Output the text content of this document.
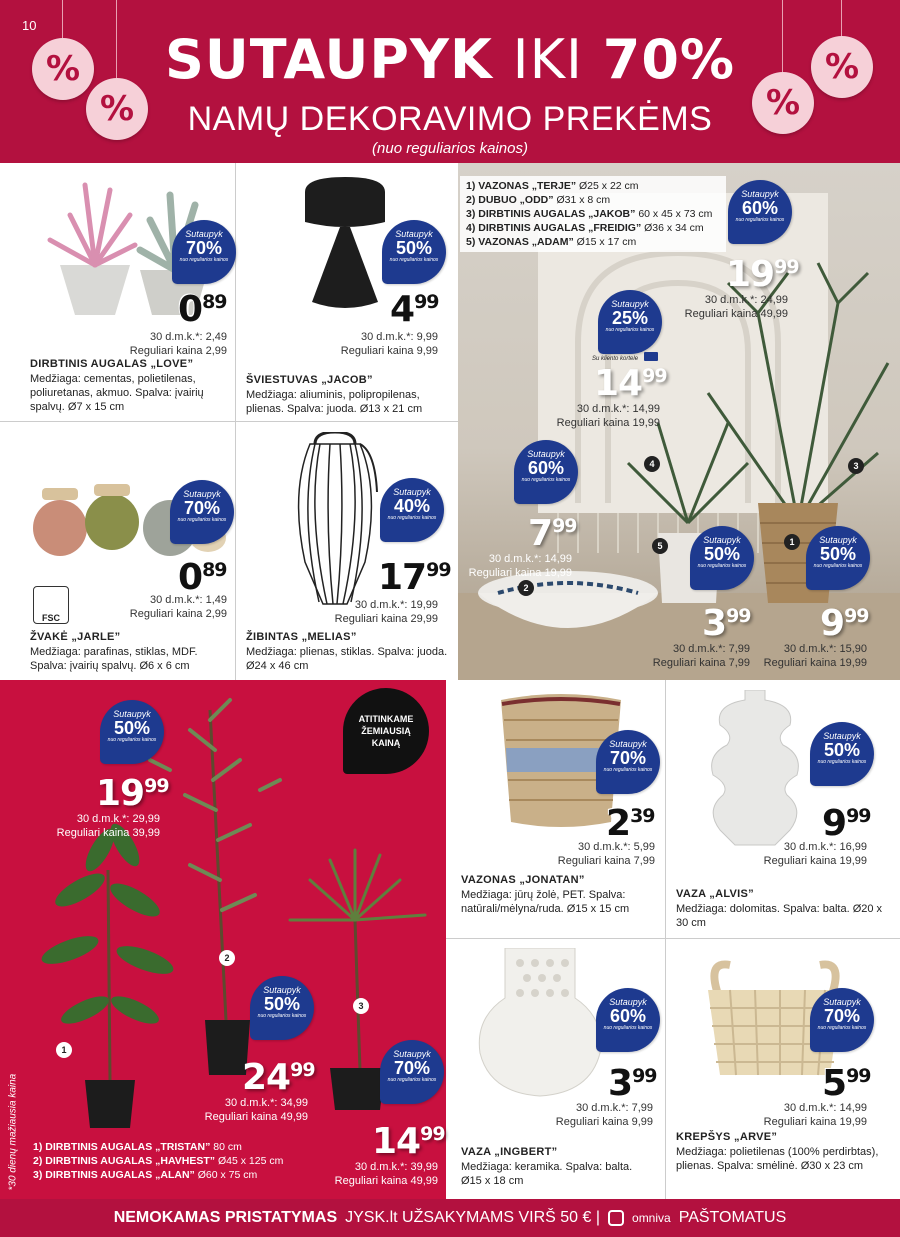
10
%
%	%
%
SUTAUPYK IKI 70%
NAMŲ DEKORAVIMO PREKĖMS
(nuo reguliarios kainos)
Sutaupyk
70%
nuo reguliarios kainos
$0^{89}$
30 d.m.k.*: 2,49
Reguliari kaina 2,99
DIRBTINIS AUGALAS „LOVE”
Medžiaga: cementas, polietilenas, poliuretanas, akmuo. Spalva: įvairių spalvų. Ø7 x 15 cm
Sutaupyk
50%
nuo reguliarios kainos
$4^{99}$
30 d.m.k.*: 9,99
Reguliari kaina 9,99
ŠVIESTUVAS „JACOB”
Medžiaga: aliuminis, polipropilenas, plienas. Spalva: juoda. Ø13 x 21 cm
Sutaupyk
70%
nuo reguliarios kainos
$0^{89}$
FSC
30 d.m.k.*: 1,49
Reguliari kaina 2,99
ŽVAKĖ „JARLE”
Medžiaga: parafinas, stiklas, MDF. Spalva: įvairių spalvų. Ø6 x 6 cm
Sutaupyk
40%
nuo reguliarios kainos
$17^{99}$
30 d.m.k.*: 19,99
Reguliari kaina 29,99
ŽIBINTAS „MELIAS”
Medžiaga: plienas, stiklas. Spalva: juoda. Ø24 x 46 cm
1) VAZONAS „TERJE” Ø25 x 22 cm
2) DUBUO „ODD” Ø31 x 8 cm
3) DIRBTINIS AUGALAS „JAKOB” 60 x 45 x 73 cm
4) DIRBTINIS AUGALAS „FREIDIG” Ø36 x 34 cm
5) VAZONAS „ADAM” Ø15 x 17 cm
Sutaupyk
60%
nuo reguliarios kainos
$19^{99}$
30 d.m.k.*: 24,99
Reguliari kaina 49,99
Sutaupyk
25%
nuo reguliarios kainos
Su kliento kortele
$14^{99}$
30 d.m.k.*: 14,99
Reguliari kaina 19,99
Sutaupyk
60%
nuo reguliarios kainos
$7^{99}$
30 d.m.k.*: 14,99
Reguliari kaina 19,99
Sutaupyk
50%
nuo reguliarios kainos
$3^{99}$
30 d.m.k.*: 7,99
Reguliari kaina 7,99
Sutaupyk
50%
nuo reguliarios kainos
$9^{99}$
30 d.m.k.*: 15,90
Reguliari kaina 19,99
4	3
5	1
2
Sutaupyk
50%
nuo reguliarios kainos
$19^{99}$
30 d.m.k.*: 29,99
Reguliari kaina 39,99
ATITINKAME ŽEMIAUSIĄ KAINĄ
Sutaupyk
50%
nuo reguliarios kainos
$24^{99}$
30 d.m.k.*: 34,99
Reguliari kaina 49,99
Sutaupyk
70%
nuo reguliarios kainos
$14^{99}$
30 d.m.k.*: 39,99
Reguliari kaina 49,99
1
2
3
1) DIRBTINIS AUGALAS „TRISTAN” 80 cm
2) DIRBTINIS AUGALAS „HAVHEST” Ø45 x 125 cm
3) DIRBTINIS AUGALAS „ALAN” Ø60 x 75 cm
*30 dienų mažiausia kaina
Sutaupyk
70%
nuo reguliarios kainos
$2^{39}$
30 d.m.k.*: 5,99
Reguliari kaina 7,99
VAZONAS „JONATAN”
Medžiaga: jūrų žolė, PET. Spalva: natūrali/mėlyna/ruda. Ø15 x 15 cm
Sutaupyk
50%
nuo reguliarios kainos
$9^{99}$
30 d.m.k.*: 16,99
Reguliari kaina 19,99
VAZA „ALVIS”
Medžiaga: dolomitas. Spalva: balta. Ø20 x 30 cm
Sutaupyk
60%
nuo reguliarios kainos
$3^{99}$
30 d.m.k.*: 7,99
Reguliari kaina 9,99
VAZA „INGBERT”
Medžiaga: keramika. Spalva: balta. Ø15 x 18 cm
Sutaupyk
70%
nuo reguliarios kainos
$5^{99}$
30 d.m.k.*: 14,99
Reguliari kaina 19,99
KREPŠYS „ARVE”
Medžiaga: polietilenas (100% perdirbtas), plienas. Spalva: smėlinė. Ø30 x 23 cm
NEMOKAMAS PRISTATYMAS JYSK.lt UŽSAKYMAMS VIRŠ 50 € |	omniva PAŠTOMATUS
